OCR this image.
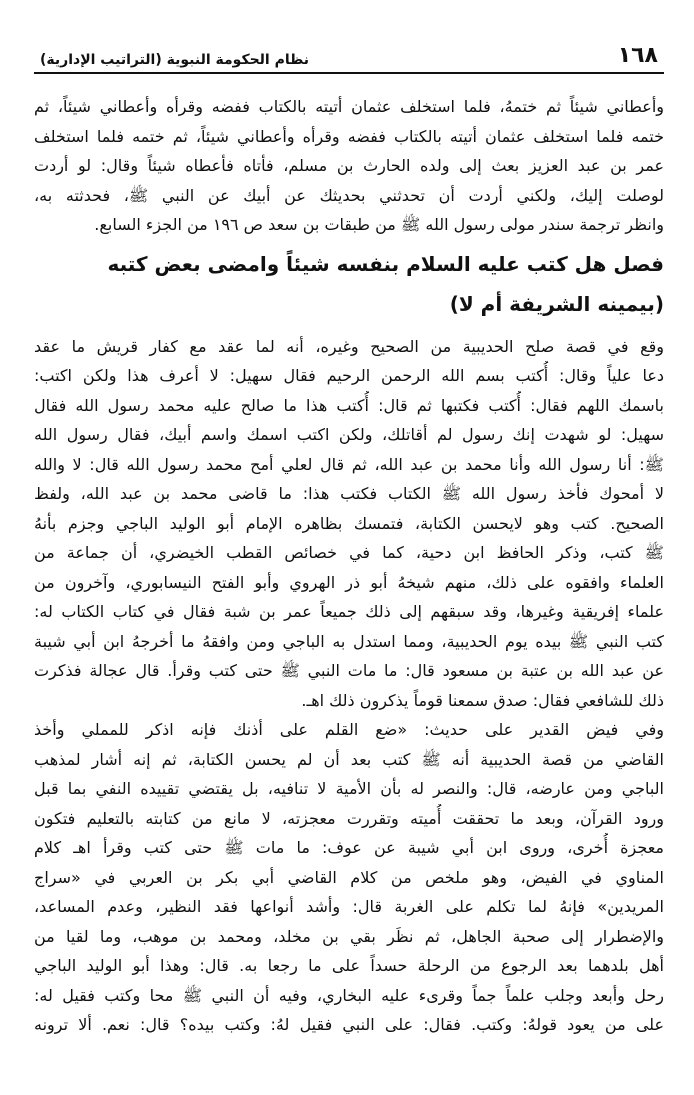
١٦٨
نظام الحكومة النبوية (التراتيب الإدارية)
وأعطاني شيئاً ثم ختمهُ، فلما استخلف عثمان أتيته بالكتاب ففضه وقرأه وأعطاني شيئاً، ثم
ختمه فلما استخلف عثمان أتيته بالكتاب ففضه وقرأه وأعطاني شيئاً، ثم ختمه فلما استخلف
عمر بن عبد العزيز بعث إلى ولده الحارث بن مسلم، فأتاه فأعطاه شيئاً وقال: لو أردت
لوصلت إليك، ولكني أردت أن تحدثني بحديثك عن أبيك عن النبي ﷺ، فحدثته به،
وانظر ترجمة سندر مولى رسول الله ﷺ من طبقات بن سعد ص ١٩٦ من الجزء السابع.
فصل هل كتب عليه السلام بنفسه شيئاً وامضى بعض كتبه
(بيمينه الشريفة أم لا)
وقع في قصة صلح الحديبية من الصحيح وغيره، أنه لما عقد مع كفار قريش ما عقد
دعا علياً وقال: أُكتب بسم الله الرحمن الرحيم فقال سهيل: لا أعرف هذا ولكن اكتب:
باسمك اللهم فقال: أُكتب فكتبها ثم قال: أُكتب هذا ما صالح عليه محمد رسول الله فقال
سهيل: لو شهدت إنك رسول لم أقاتلك، ولكن اكتب اسمك واسم أبيك، فقال رسول الله
ﷺ: أنا رسول الله وأنا محمد بن عبد الله، ثم قال لعلي أمح محمد رسول الله قال: لا والله
لا أمحوك فأخذ رسول الله ﷺ الكتاب فكتب هذا: ما قاضى محمد بن عبد الله، ولفظ
الصحيح. كتب وهو لايحسن الكتابة، فتمسك بظاهره الإمام أبو الوليد الباجي وجزم بأنهُ
ﷺ كتب، وذكر الحافظ ابن دحية، كما في خصائص القطب الخيضري، أن جماعة من
العلماء وافقوه على ذلك، منهم شيخهُ أبو ذر الهروي وأبو الفتح النيسابوري، وآخرون من
علماء إفريقية وغيرها، وقد سبقهم إلى ذلك جميعاً عمر بن شبة فقال في كتاب الكتاب له:
كتب النبي ﷺ بيده يوم الحديبية، ومما استدل به الباجي ومن وافقهُ ما أخرجهُ ابن أبي شيبة
عن عبد الله بن عتبة بن مسعود قال: ما مات النبي ﷺ حتى كتب وقرأ. قال عجالة فذكرت
ذلك للشافعي فقال: صدق سمعنا قوماً يذكرون ذلك اهـ.
وفي فيض القدير على حديث: «ضع القلم على أذنك فإنه اذكر للمملي وأخذ
القاضي من قصة الحديبية أنه ﷺ كتب بعد أن لم يحسن الكتابة، ثم إنه أشار لمذهب
الباجي ومن عارضه، قال: والنصر له بأن الأمية لا تنافيه، بل يقتضي تقييده النفي بما قبل
ورود القرآن، وبعد ما تحققت أُميته وتقررت معجزته، لا مانع من كتابته بالتعليم فتكون
معجزة أُخرى، وروى ابن أبي شيبة عن عوف: ما مات ﷺ حتى كتب وقرأ اهـ كلام
المناوي في الفيض، وهو ملخص من كلام القاضي أبي بكر بن العربي في «سراج
المريدين» فإنهُ لما تكلم على الغربة قال: وأشد أنواعها فقد النظير، وعدم المساعد،
والإضطرار إلى صحبة الجاهل، ثم نظَر بقي بن مخلد، ومحمد بن موهب، وما لقيا من
أهل بلدهما بعد الرجوع من الرحلة حسداً على ما رجعا به. قال: وهذا أبو الوليد الباجي
رحل وأبعد وجلب علماً جماً وقرىء عليه البخاري، وفيه أن النبي ﷺ محا وكتب فقيل له:
على من يعود قولهُ: وكتب. فقال: على النبي فقيل لهُ: وكتب بيده؟ قال: نعم. ألا ترونه
